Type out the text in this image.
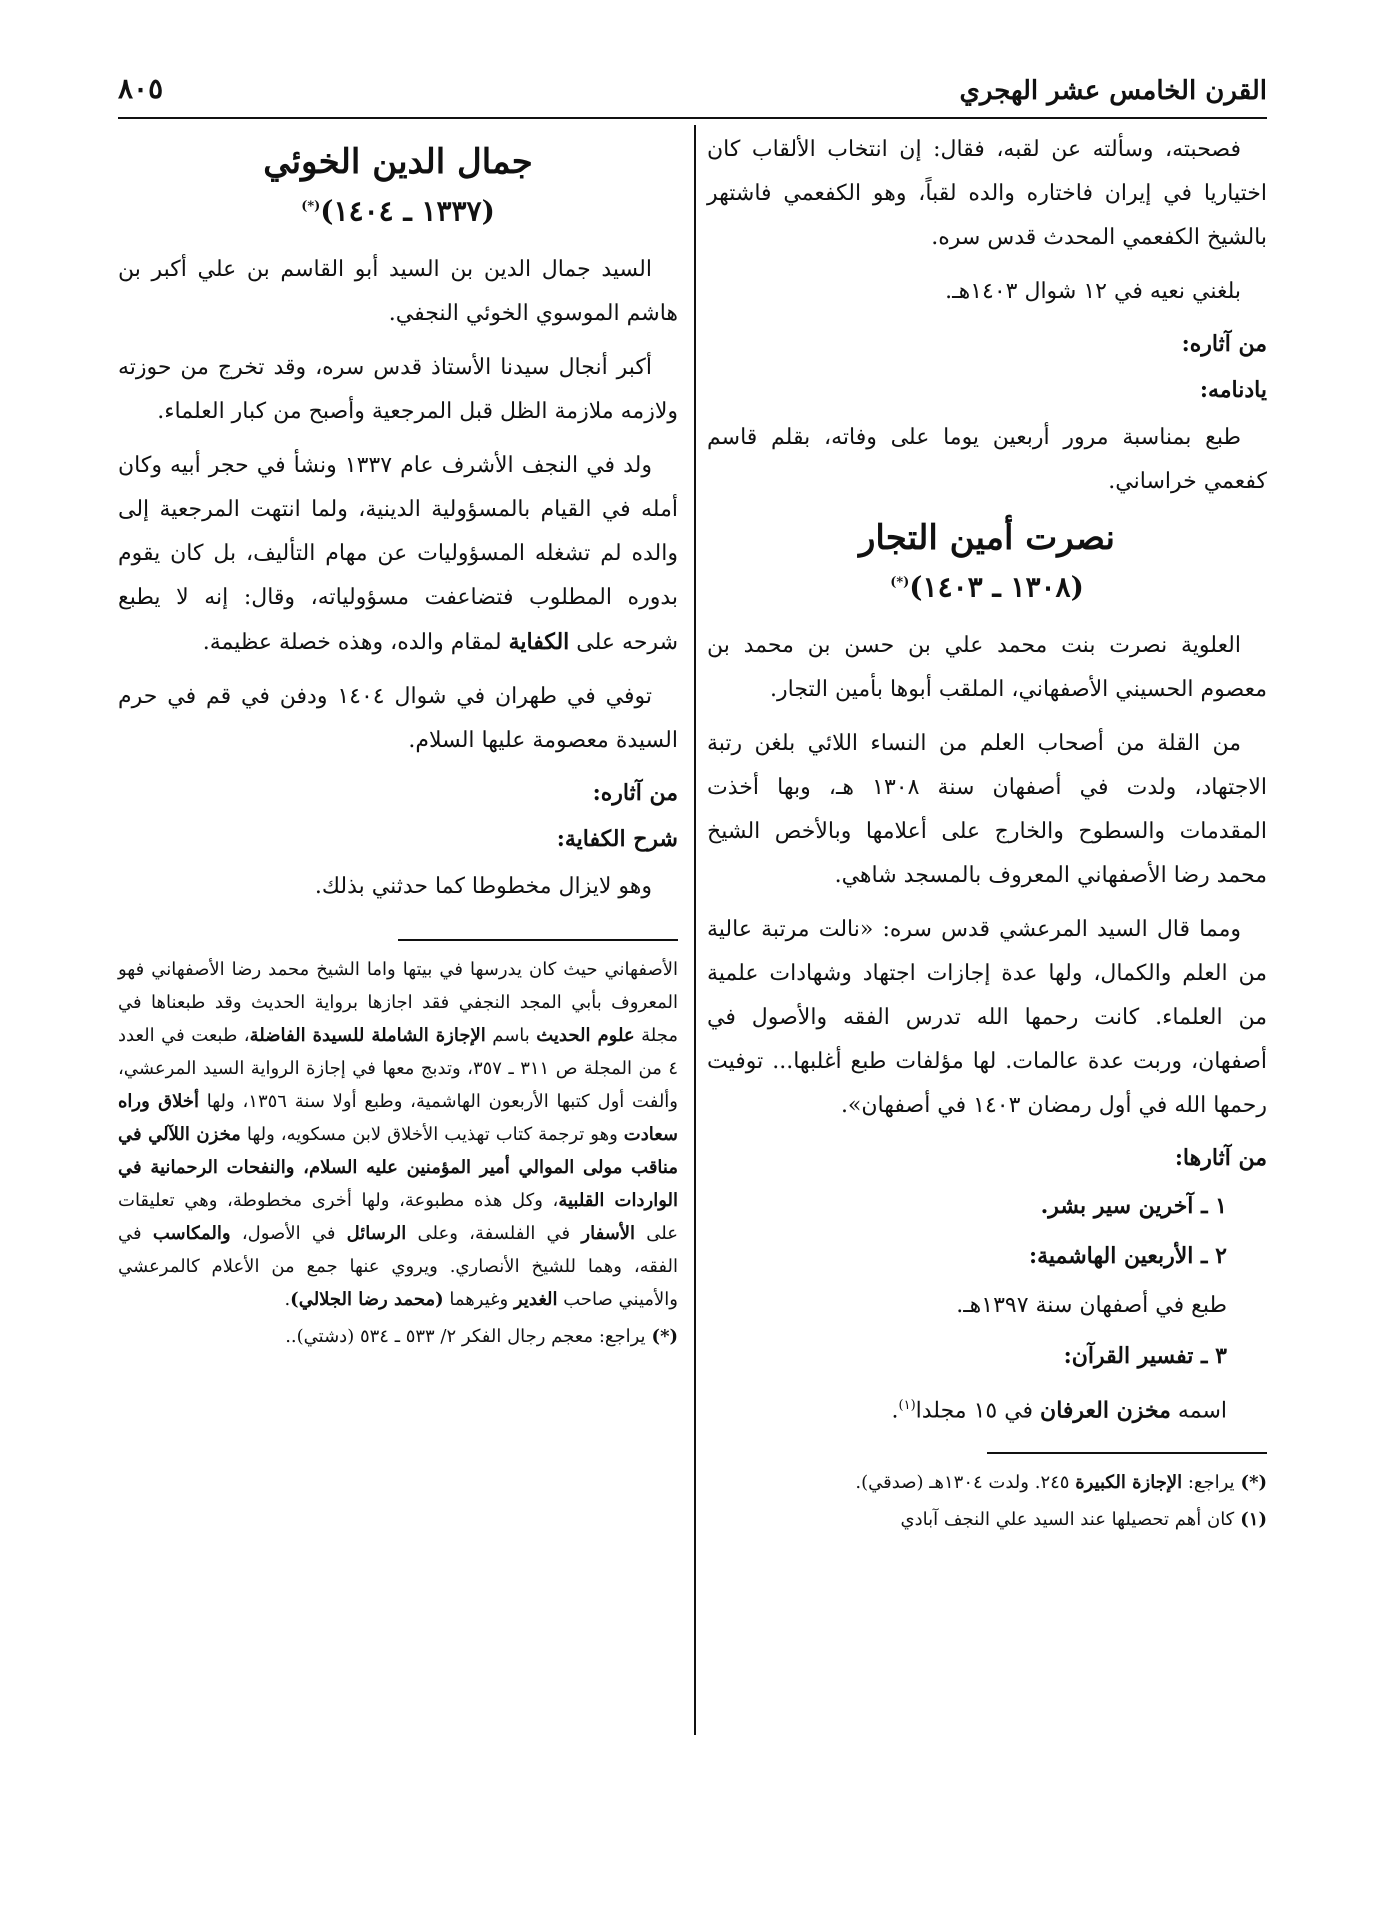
القرن الخامس عشر الهجري
٨٠٥

فصحبته، وسألته عن لقبه، فقال: إن انتخاب الألقاب كان اختياريا في إيران فاختاره والده لقباً، وهو الكفعمي فاشتهر بالشيخ الكفعمي المحدث قدس سره.

بلغني نعيه في ١٢ شوال ١٤٠٣هـ.

من آثاره:
يادنامه:

طبع بمناسبة مرور أربعين يوما على وفاته، بقلم قاسم كفعمي خراساني.

نصرت أمين التجار
(١٣٠٨ ـ ١٤٠٣)(*)

العلوية نصرت بنت محمد علي بن حسن بن محمد بن معصوم الحسيني الأصفهاني، الملقب أبوها بأمين التجار.

من القلة من أصحاب العلم من النساء اللائي بلغن رتبة الاجتهاد، ولدت في أصفهان سنة ١٣٠٨ هـ، وبها أخذت المقدمات والسطوح والخارج على أعلامها وبالأخص الشيخ محمد رضا الأصفهاني المعروف بالمسجد شاهي.

ومما قال السيد المرعشي قدس سره: «نالت مرتبة عالية من العلم والكمال، ولها عدة إجازات اجتهاد وشهادات علمية من العلماء. كانت رحمها الله تدرس الفقه والأصول في أصفهان، وربت عدة عالمات. لها مؤلفات طبع أغلبها... توفيت رحمها الله في أول رمضان ١٤٠٣ في أصفهان».

من آثارها:
١ ـ آخرين سير بشر.
٢ ـ الأربعين الهاشمية:
طبع في أصفهان سنة ١٣٩٧هـ.
٣ ـ تفسير القرآن:
اسمه مخزن العرفان في ١٥ مجلدا$^{(١)}$.

(*)يراجع: الإجازة الكبيرة ٢٤٥. ولدت ١٣٠٤هـ (صدقي).

(١)كان أهم تحصيلها عند السيد علي النجف آبادي

جمال الدين الخوئي
(١٣٣٧ ـ ١٤٠٤)(*)

السيد جمال الدين بن السيد أبو القاسم بن علي أكبر بن هاشم الموسوي الخوئي النجفي.

أكبر أنجال سيدنا الأستاذ قدس سره، وقد تخرج من حوزته ولازمه ملازمة الظل قبل المرجعية وأصبح من كبار العلماء.

ولد في النجف الأشرف عام ١٣٣٧ ونشأ في حجر أبيه وكان أمله في القيام بالمسؤولية الدينية، ولما انتهت المرجعية إلى والده لم تشغله المسؤوليات عن مهام التأليف، بل كان يقوم بدوره المطلوب فتضاعفت مسؤولياته، وقال: إنه لا يطبع شرحه على الكفاية لمقام والده، وهذه خصلة عظيمة.

توفي في طهران في شوال ١٤٠٤ ودفن في قم في حرم السيدة معصومة عليها السلام.

من آثاره:
شرح الكفاية:

وهو لايزال مخطوطا كما حدثني بذلك.

الأصفهاني حيث كان يدرسها في بيتها واما الشيخ محمد رضا الأصفهاني فهو المعروف بأبي المجد النجفي فقد اجازها برواية الحديث وقد طبعناها في مجلة علوم الحديث باسم الإجازة الشاملة للسيدة الفاضلة، طبعت في العدد ٤ من المجلة ص ٣١١ ـ ٣٥٧، وتدبج معها في إجازة الرواية السيد المرعشي، وألفت أول كتبها الأربعون الهاشمية، وطبع أولا سنة ١٣٥٦، ولها أخلاق وراه سعادت وهو ترجمة كتاب تهذيب الأخلاق لابن مسكويه، ولها مخزن اللآلي في مناقب مولى الموالي أمير المؤمنين عليه السلام، والنفحات الرحمانية في الواردات القلبية، وكل هذه مطبوعة، ولها أخرى مخطوطة، وهي تعليقات على الأسفار في الفلسفة، وعلى الرسائل في الأصول، والمكاسب في الفقه، وهما للشيخ الأنصاري. ويروي عنها جمع من الأعلام كالمرعشي والأميني صاحب الغدير وغيرهما (محمد رضا الجلالي).

(*)يراجع: معجم رجال الفكر ٢/ ٥٣٣ ـ ٥٣٤ (دشتي)..
